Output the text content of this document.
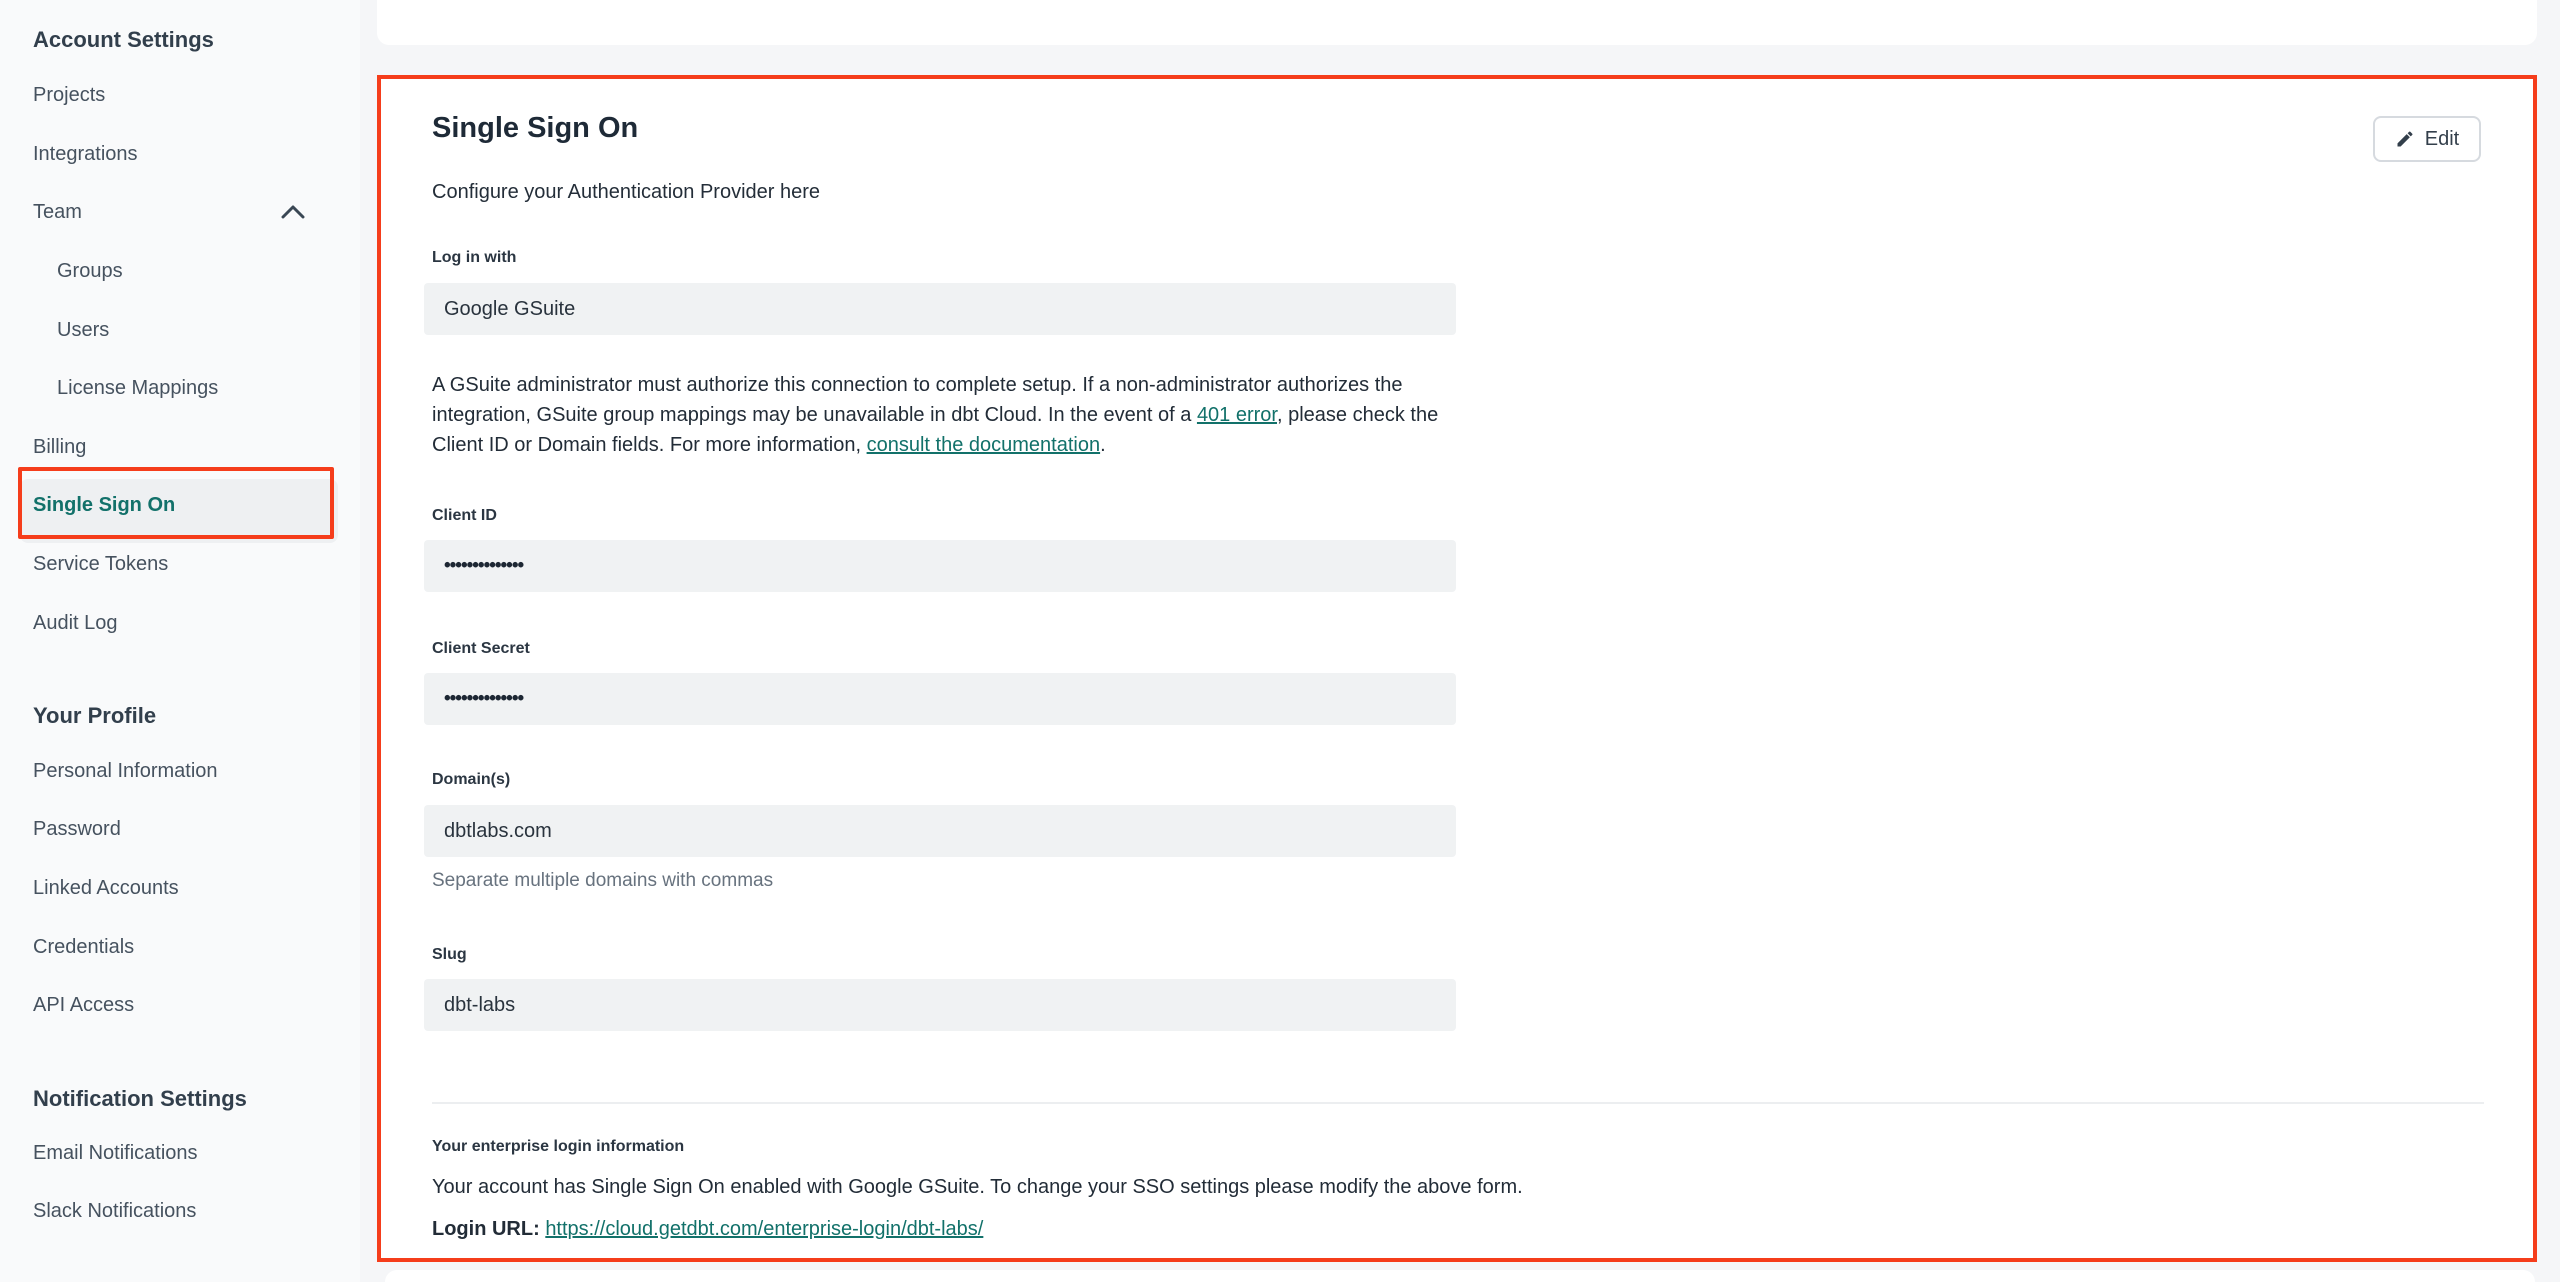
Account Settings
Projects
Integrations
Team
Groups
Users
License Mappings
Billing
Single Sign On
Service Tokens
Audit Log
Your Profile
Personal Information
Password
Linked Accounts
Credentials
API Access
Notification Settings
Email Notifications
Slack Notifications
Single Sign On	Edit
Configure your Authentication Provider here
Log in with
Google GSuite

A GSuite administrator must authorize this connection to complete setup. If a non-administrator authorizes the integration, GSuite group mappings may be unavailable in dbt Cloud. In the event of a 401 error, please check the Client ID or Domain fields. For more information, consult the documentation.

Client ID
••••••••••••••
Client Secret
••••••••••••••
Domain(s)
dbtlabs.com
Separate multiple domains with commas
Slug
dbt-labs
Your enterprise login information
Your account has Single Sign On enabled with Google GSuite. To change your SSO settings please modify the above form.
Login URL: https://cloud.getdbt.com/enterprise-login/dbt-labs/
